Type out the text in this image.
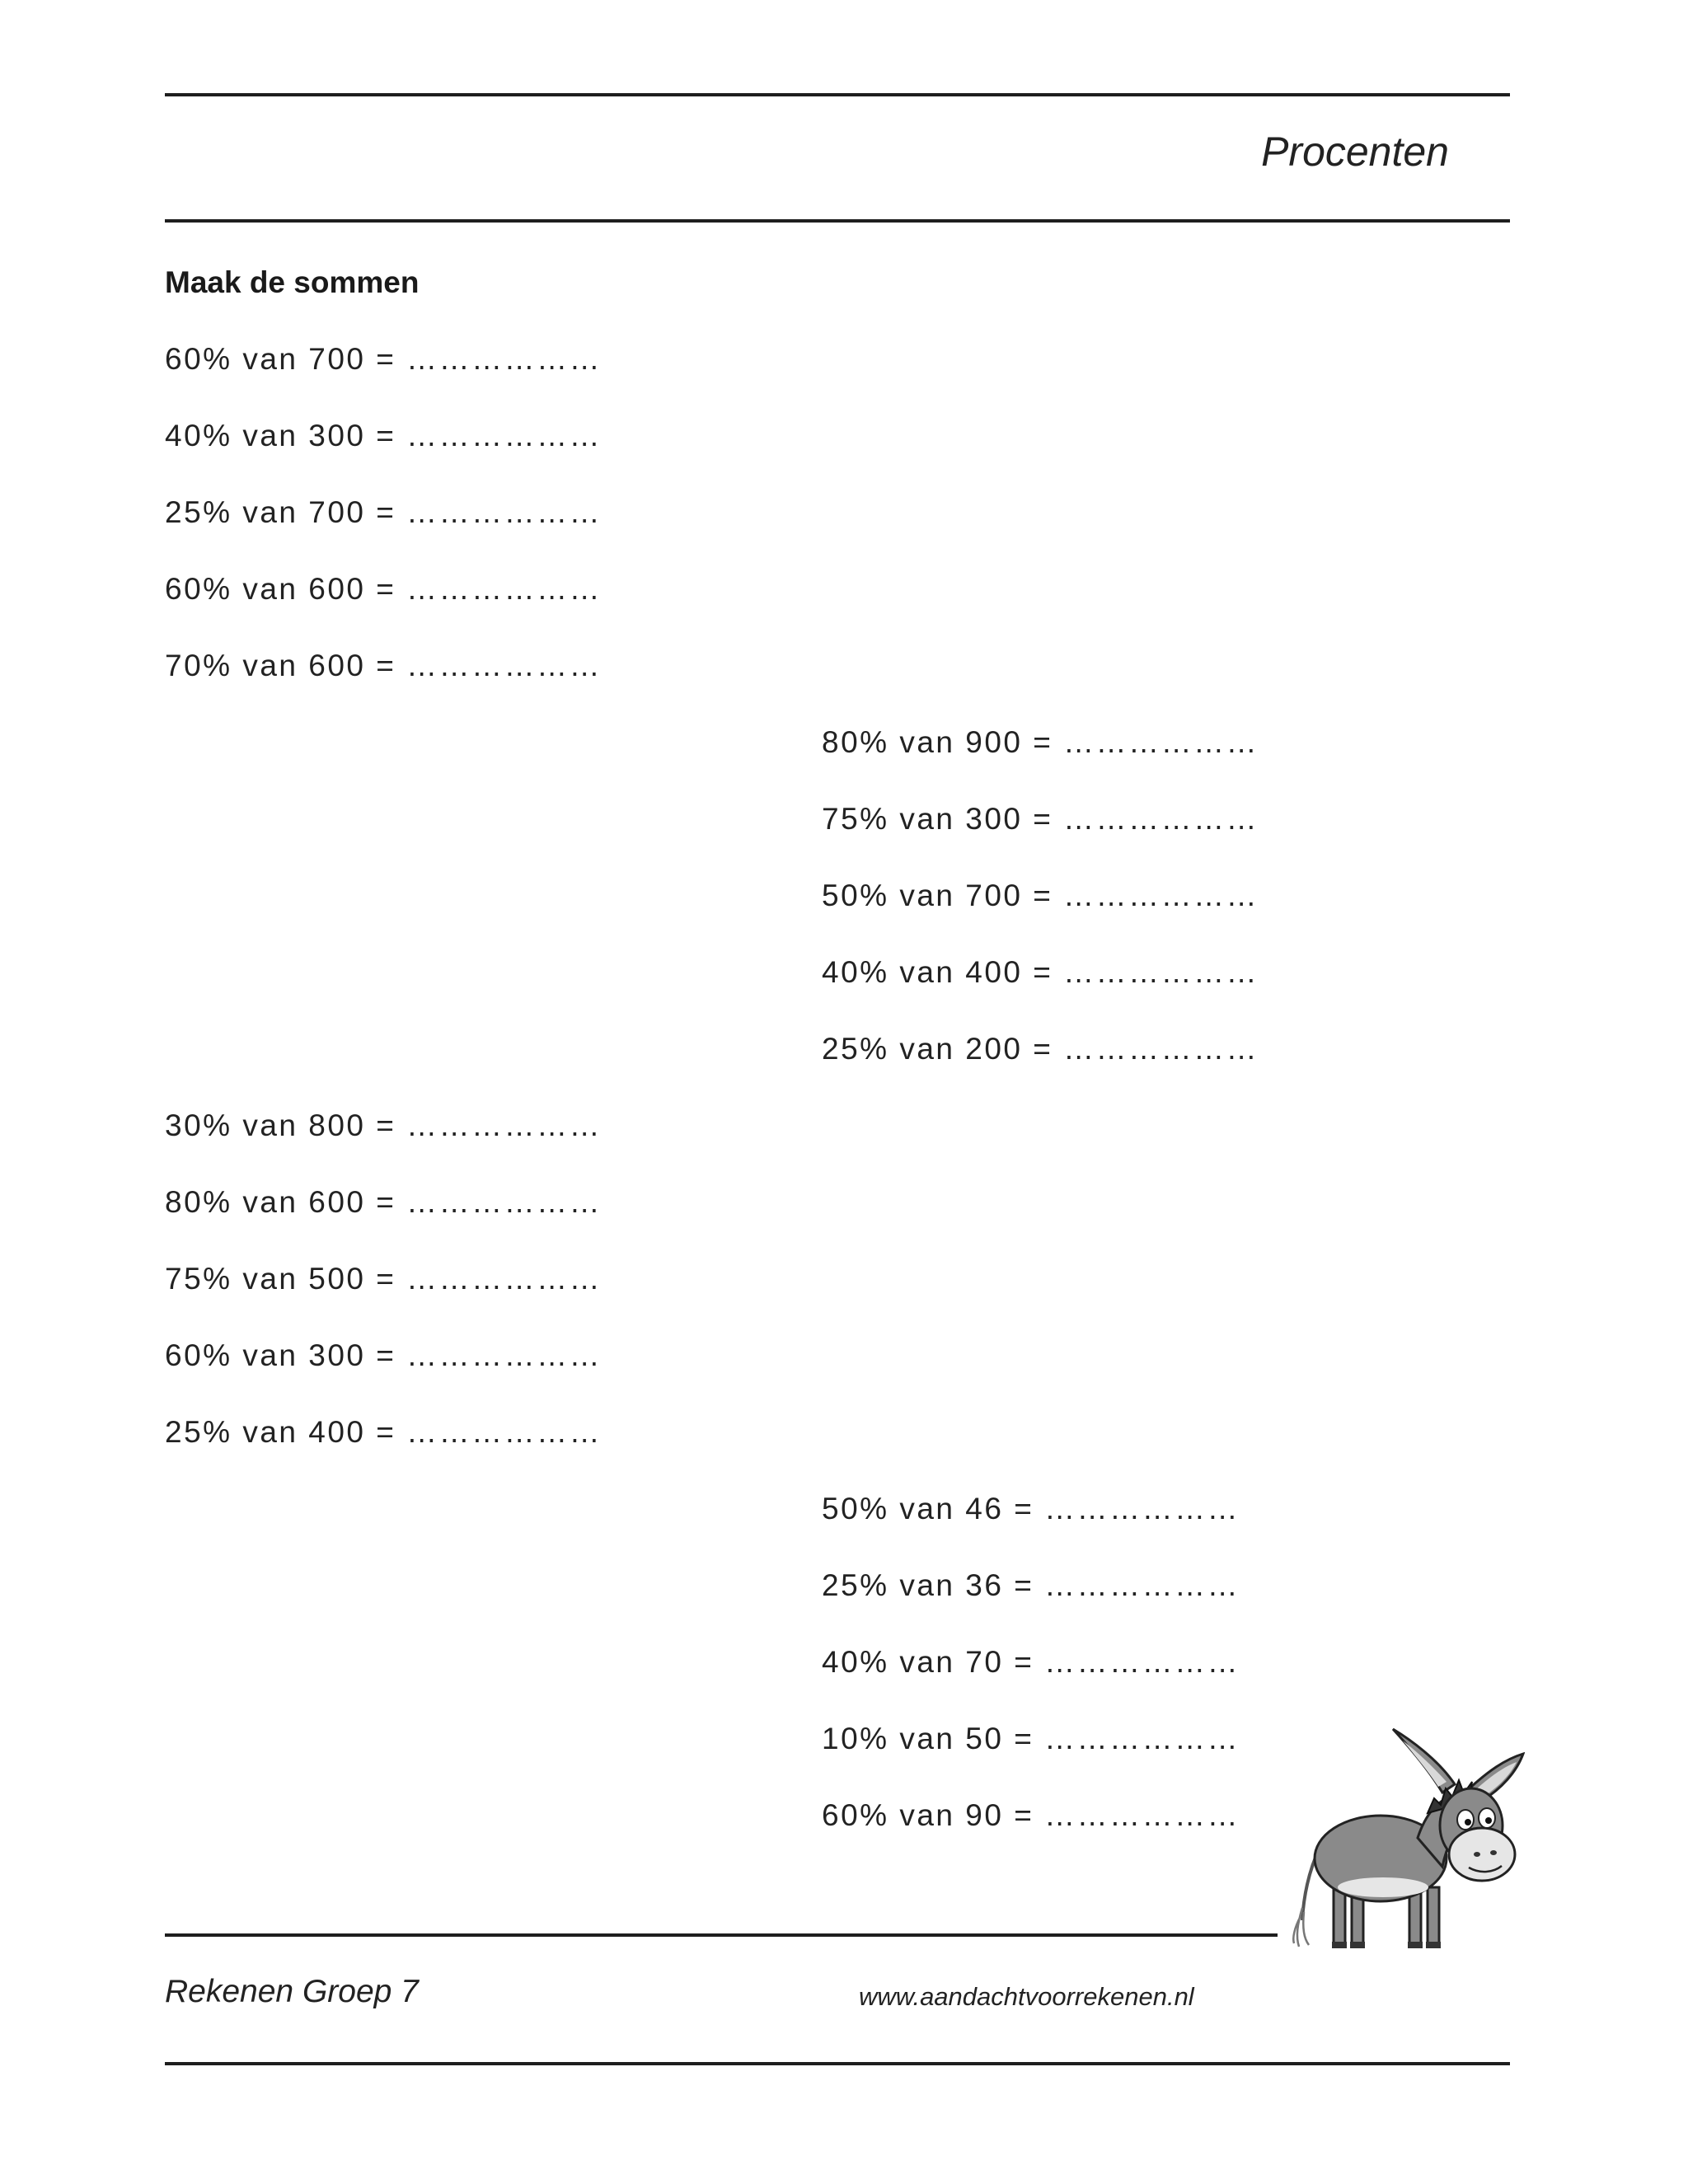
Procenten
Maak de sommen
60% van 700 = ………………
40% van 300 = ………………
25% van 700 = ………………
60% van 600 = ………………
70% van 600 = ………………
80% van 900 = ………………
75% van 300 = ………………
50% van 700 = ………………
40% van 400 = ………………
25% van 200 = ………………
30% van 800 = ………………
80% van 600 = ………………
75% van 500 = ………………
60% van 300 = ………………
25% van 400 = ………………
50% van 46 = ………………
25% van 36 = ………………
40% van 70 = ………………
10% van 50 = ………………
60% van 90 = ………………
Rekenen Groep 7	www.aandachtvoorrekenen.nl
